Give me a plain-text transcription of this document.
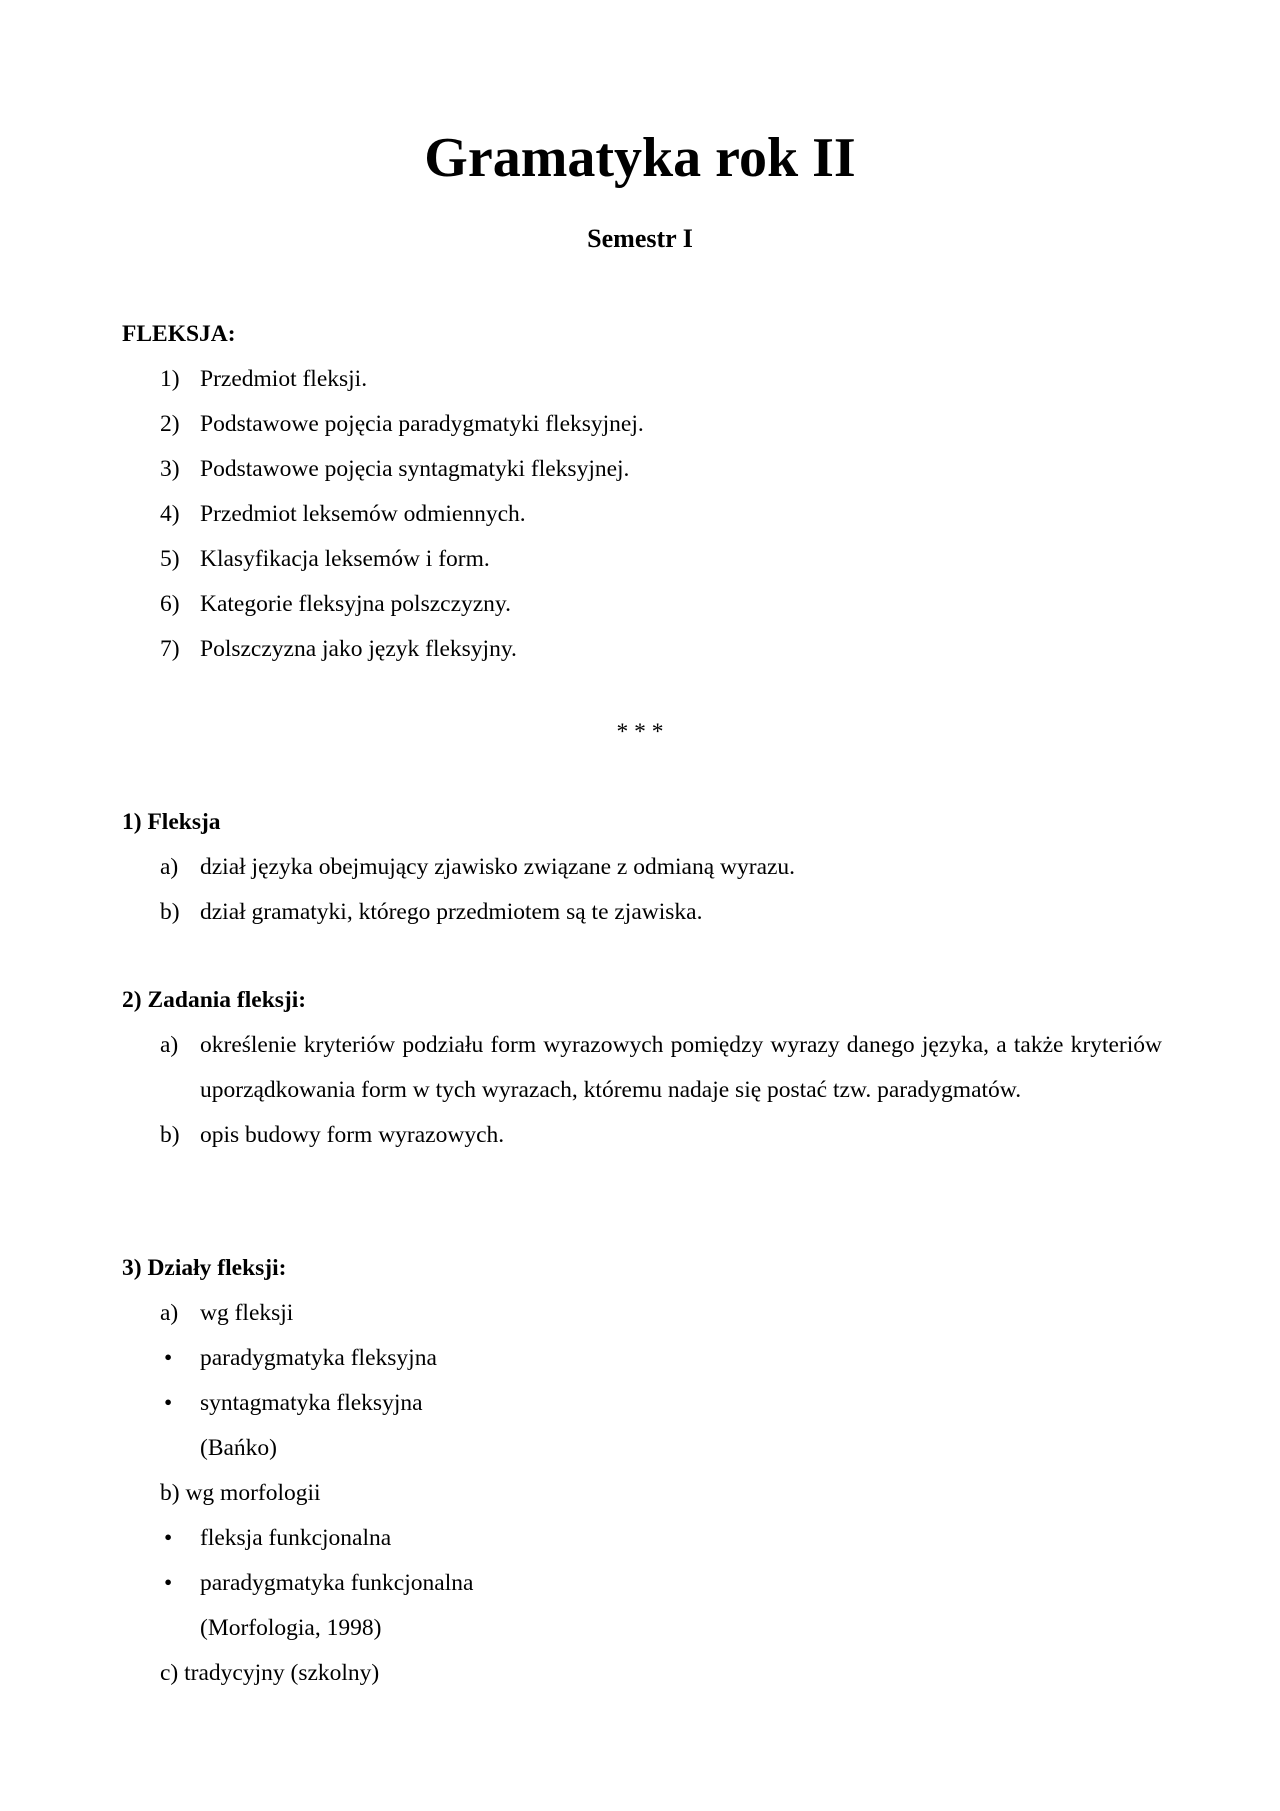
Gramatyka rok II
Semestr I
FLEKSJA:
1) Przedmiot fleksji.
2) Podstawowe pojęcia paradygmatyki fleksyjnej.
3) Podstawowe pojęcia syntagmatyki fleksyjnej.
4) Przedmiot leksemów odmiennych.
5) Klasyfikacja leksemów i form.
6) Kategorie fleksyjna polszczyzny.
7) Polszczyzna jako język fleksyjny.
* * *
1) Fleksja
a) dział języka obejmujący zjawisko związane z odmianą wyrazu.
b) dział gramatyki, którego przedmiotem są te zjawiska.
2) Zadania fleksji:
a) określenie kryteriów podziału form wyrazowych pomiędzy wyrazy danego języka, a także kryteriów uporządkowania form w tych wyrazach, któremu nadaje się postać tzw. paradygmatów.
b) opis budowy form wyrazowych.
3) Działy fleksji:
a) wg fleksji
• paradygmatyka fleksyjna
• syntagmatyka fleksyjna
(Bańko)
b) wg morfologii
• fleksja funkcjonalna
• paradygmatyka funkcjonalna
(Morfologia, 1998)
c) tradycyjny (szkolny)
